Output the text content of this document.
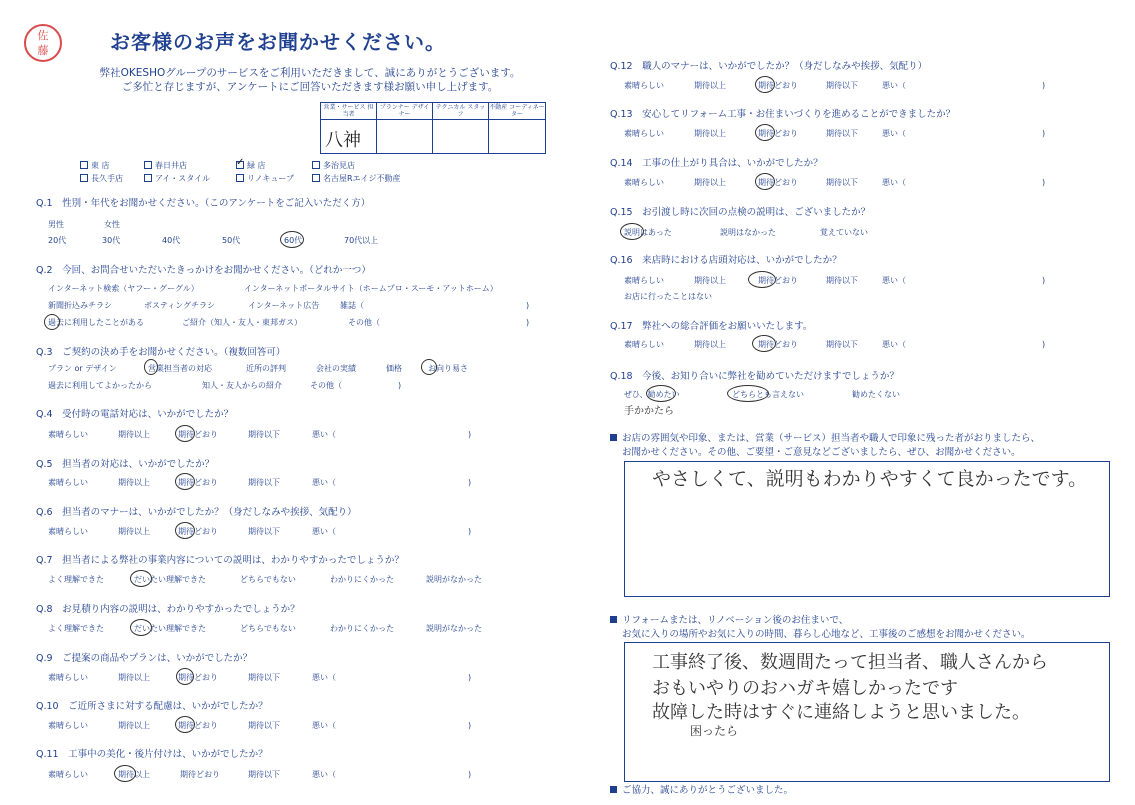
佐
藤	お客様のお声をお聞かせください。
弊社OKESHOグループのサービスをご利用いただきまして、誠にありがとうございます。
ご多忙と存じますが、アンケートにご回答いただきます様お願い申し上げます。
営業・サービス 担当者
プランナー デザイナー
テクニカル スタッフ
不動産 コーディネーター
八神
東 店	春日井店
✓	緑 店	多治見店
長久手店	アイ・スタイル	リノキューブ	名古屋Rエイジ不動産
Q.1　 性別・年代をお聞かせください。（このアンケートをご記入いただく方）
男性	女性
20代	30代	40代	50代	60代	70代以上
Q.2　 今回、お問合せいただいたきっかけをお聞かせください。（どれか一つ）
インターネット検索（ヤフー・グーグル）	インターネットポータルサイト（ホームプロ・スーモ・アットホーム）
新聞折込みチラシ	ポスティングチラシ	インターネット広告	雑誌（	)
過去に利用したことがある	ご紹介（知人・友人・東邦ガス）	その他（	)
Q.3　 ご契約の決め手をお聞かせください。（複数回答可）
プラン or デザイン	営業担当者の対応	近所の評判	会社の実績	価格	お向り易さ
過去に利用してよかったから	知人・友人からの紹介	その他（	)
Q.4　 受付時の電話対応は、いかがでしたか？
素晴らしい	期待以上	期待どおり	期待以下	悪い（	)
Q.5　 担当者の対応は、いかがでしたか？
素晴らしい	期待以上	期待どおり	期待以下	悪い（	)
Q.6　 担当者のマナーは、いかがでしたか？（身だしなみや挨拶、気配り）
素晴らしい	期待以上	期待どおり	期待以下	悪い（	)
Q.7　 担当者による弊社の事業内容についての説明は、わかりやすかったでしょうか？
よく理解できた	だいたい理解できた	どちらでもない	わかりにくかった	説明がなかった
Q.8　 お見積り内容の説明は、わかりやすかったでしょうか？
よく理解できた	だいたい理解できた	どちらでもない	わかりにくかった	説明がなかった
Q.9　 ご提案の商品やプランは、いかがでしたか？
素晴らしい	期待以上	期待どおり	期待以下	悪い（	)
Q.10　 ご近所さまに対する配慮は、いかがでしたか？
素晴らしい	期待以上	期待どおり	期待以下	悪い（	)
Q.11　 工事中の美化・後片付けは、いかがでしたか？
素晴らしい	期待以上	期待どおり	期待以下	悪い（	)
Q.12　 職人のマナーは、いかがでしたか？（身だしなみや挨拶、気配り）
素晴らしい	期待以上	期待どおり	期待以下	悪い（	)
Q.13　 安心してリフォーム工事・お住まいづくりを進めることができましたか？
素晴らしい	期待以上	期待どおり	期待以下	悪い（	)
Q.14　 工事の仕上がり具合は、いかがでしたか？
素晴らしい	期待以上	期待どおり	期待以下	悪い（	)
Q.15　 お引渡し時に次回の点検の説明は、ございましたか？
説明はあった	説明はなかった	覚えていない
Q.16　 来店時における店頭対応は、いかがでしたか？
素晴らしい	期待以上	期待どおり	期待以下	悪い（	)
お店に行ったことはない
Q.17　 弊社への総合評価をお願いいたします。
素晴らしい	期待以上	期待どおり	期待以下	悪い（	)
Q.18　 今後、お知り合いに弊社を勧めていただけますでしょうか？
ぜひ、勧めたい	どちらとも言えない	勧めたくない
手かかたら
お店の雰囲気や印象、または、営業（サービス）担当者や職人で印象に残った者がおりましたら、
お聞かせください。その他、ご要望・ご意見などございましたら、ぜひ、お聞かせください。
やさしくて、説明もわかりやすくて良かったです。
リフォームまたは、リノベーション後のお住まいで、
お気に入りの場所やお気に入りの時間、暮らし心地など、工事後のご感想をお聞かせください。
工事終了後、数週間たって担当者、職人さんから
おもいやりのおハガキ嬉しかったです
故障した時はすぐに連絡しようと思いました。
困ったら
ご協力、誠にありがとうございました。
